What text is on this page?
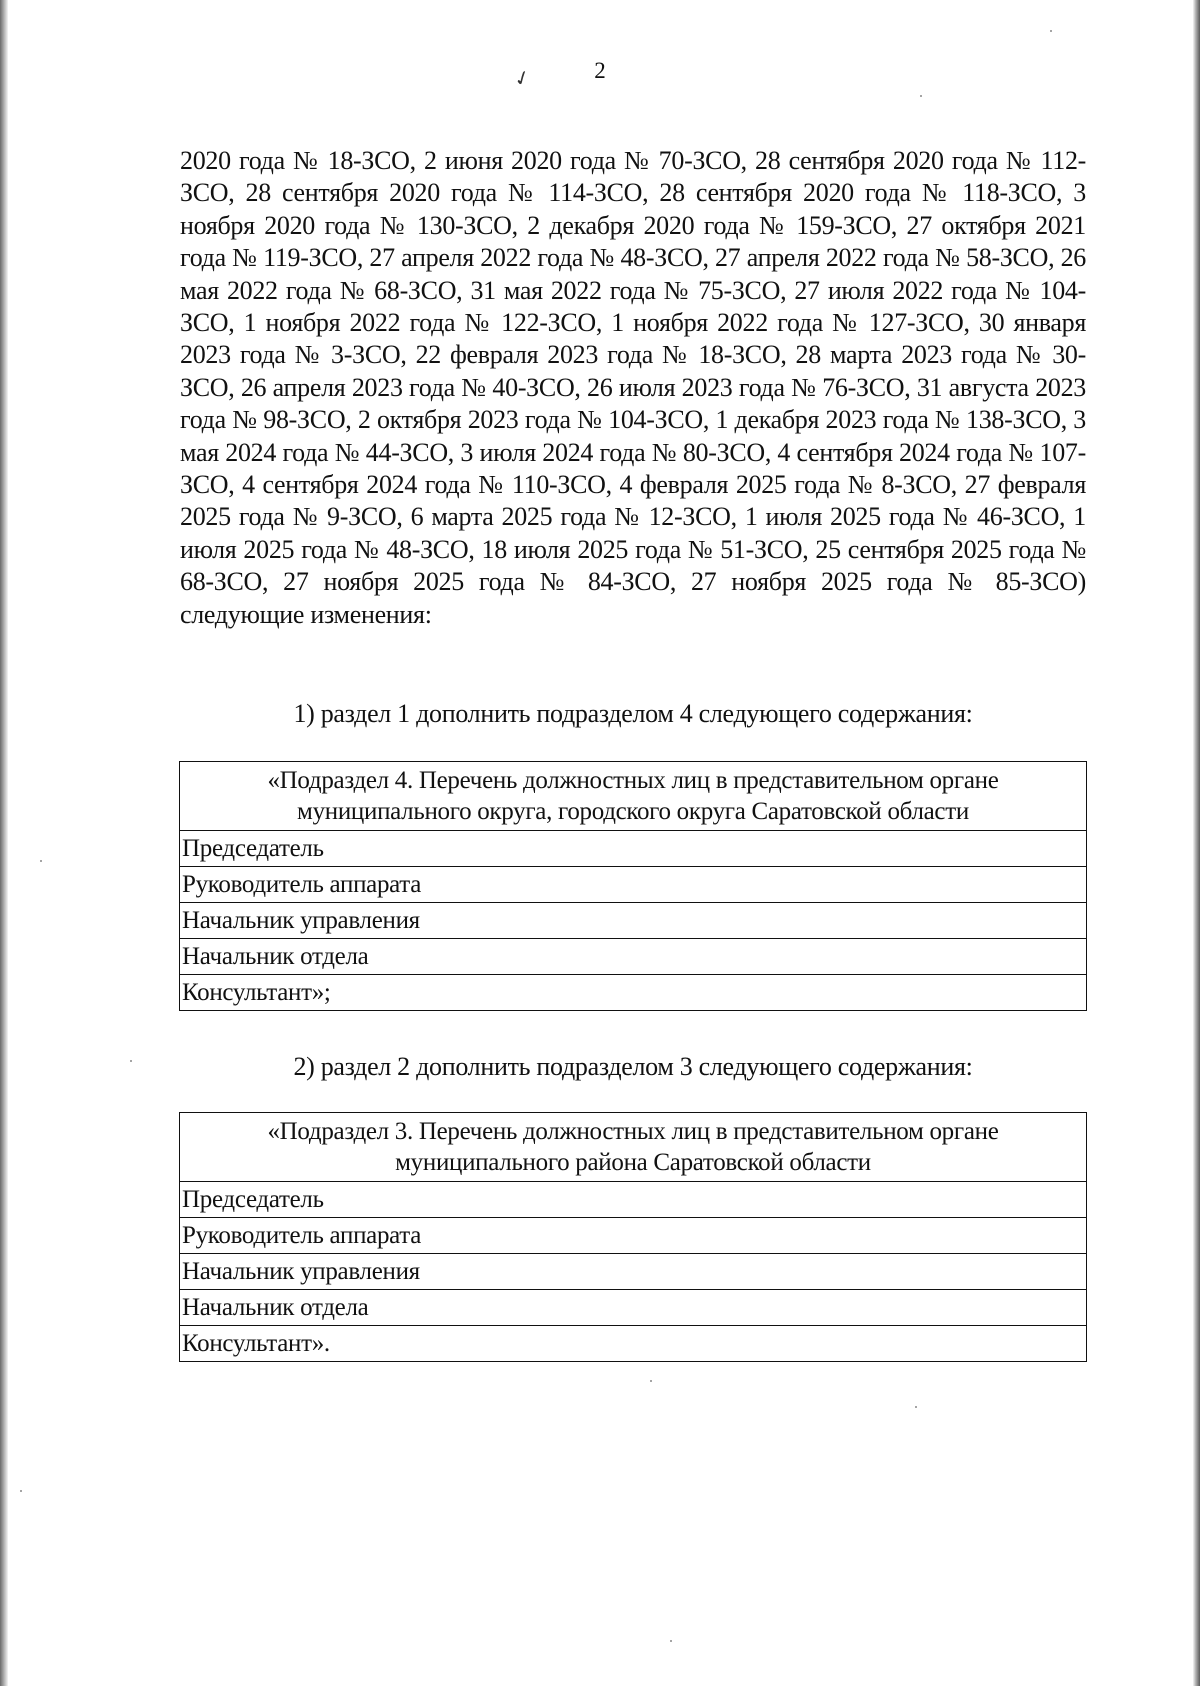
2
✓

2020 года № 18-ЗСО, 2 июня 2020 года № 70-ЗСО, 28 сентября 2020 года № 112-ЗСО, 28 сентября 2020 года № 114-ЗСО, 28 сентября 2020 года № 118-ЗСО, 3 ноября 2020 года № 130-ЗСО, 2 декабря 2020 года № 159-ЗСО, 27 октября 2021 года № 119-ЗСО, 27 апреля 2022 года № 48-ЗСО, 27 апреля 2022 года № 58-ЗСО, 26 мая 2022 года № 68-ЗСО, 31 мая 2022 года № 75-ЗСО, 27 июля 2022 года № 104-ЗСО, 1 ноября 2022 года № 122-ЗСО, 1 ноября 2022 года № 127-ЗСО, 30 января 2023 года № 3-ЗСО, 22 февраля 2023 года № 18-ЗСО, 28 марта 2023 года № 30-ЗСО, 26 апреля 2023 года № 40-ЗСО, 26 июля 2023 года № 76-ЗСО, 31 августа 2023 года № 98-ЗСО, 2 октября 2023 года № 104-ЗСО, 1 декабря 2023 года № 138-ЗСО, 3 мая 2024 года № 44-ЗСО, 3 июля 2024 года № 80-ЗСО, 4 сентября 2024 года № 107-ЗСО, 4 сентября 2024 года № 110-ЗСО, 4 февраля 2025 года № 8-ЗСО, 27 февраля 2025 года № 9-ЗСО, 6 марта 2025 года № 12-ЗСО, 1 июля 2025 года № 46-ЗСО, 1 июля 2025 года № 48-ЗСО, 18 июля 2025 года № 51-ЗСО, 25 сентября 2025 года № 68-ЗСО, 27 ноября 2025 года № 84-ЗСО, 27 ноября 2025 года № 85-ЗСО) следующие изменения:

1) раздел 1 дополнить подразделом 4 следующего содержания:

«Подраздел 4. Перечень должностных лиц в представительном органе
муниципального округа, городского округа Саратовской области
Председатель
Руководитель аппарата
Начальник управления
Начальник отдела
Консультант»;

2) раздел 2 дополнить подразделом 3 следующего содержания:

«Подраздел 3. Перечень должностных лиц в представительном органе
муниципального района Саратовской области
Председатель
Руководитель аппарата
Начальник управления
Начальник отдела
Консультант».
